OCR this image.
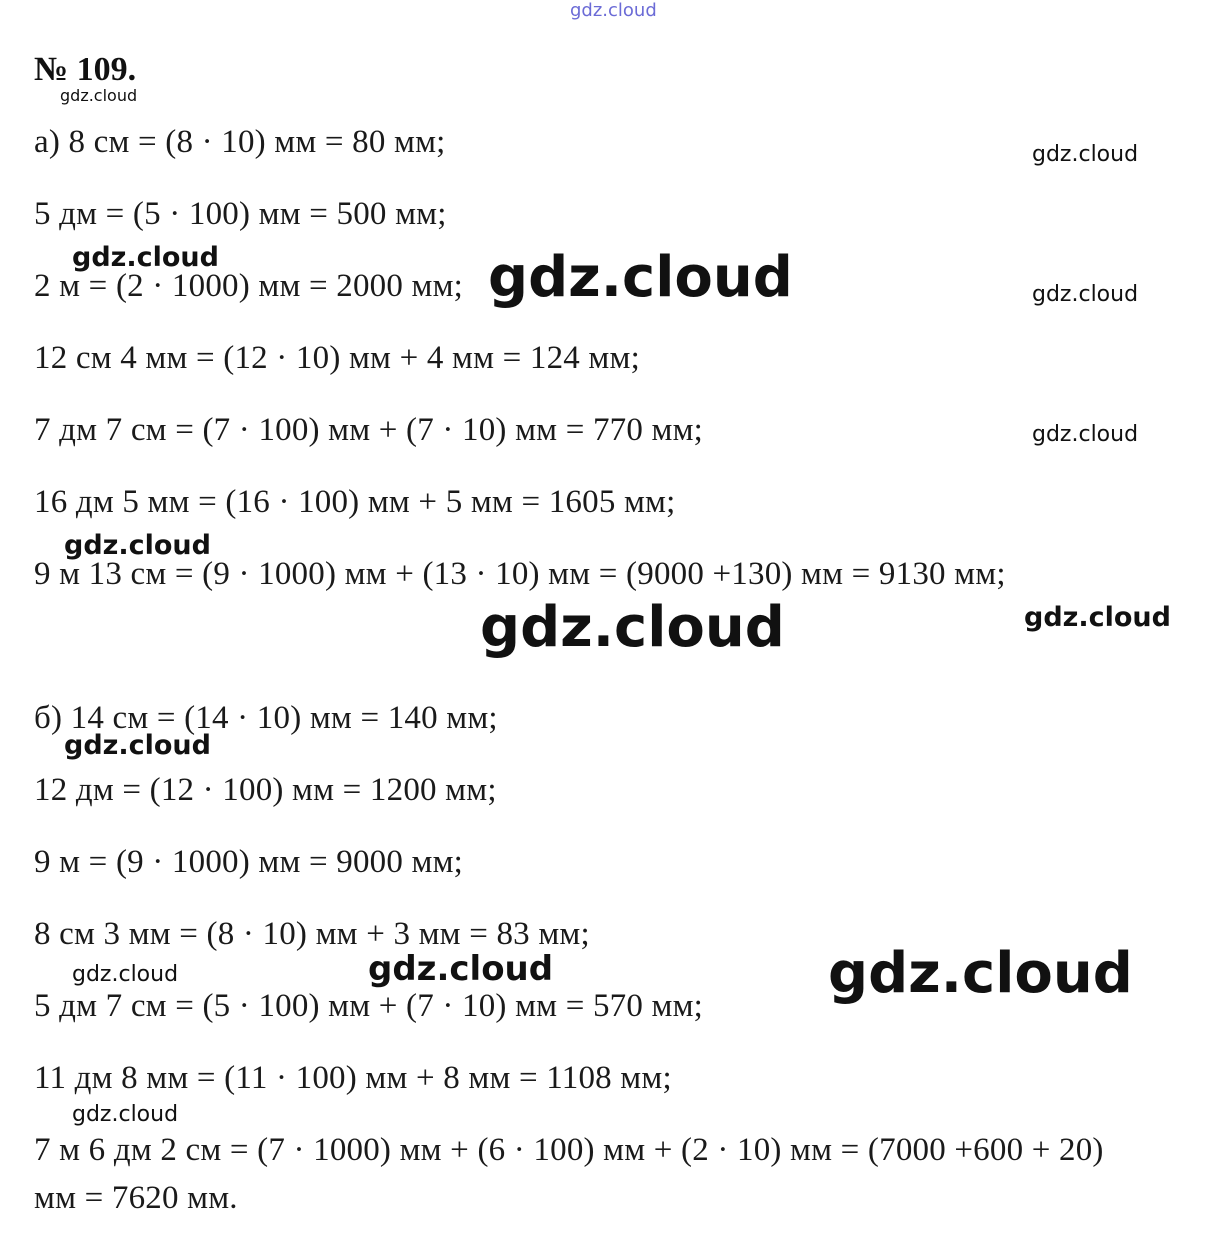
gdz.cloud
№ 109.
а) 8 см = (8 · 10) мм = 80 мм;
5 дм = (5 · 100) мм = 500 мм;
2 м = (2 · 1000) мм = 2000 мм;
12 см 4 мм = (12 · 10) мм + 4 мм = 124 мм;
7 дм 7 см = (7 · 100) мм + (7 · 10) мм = 770 мм;
16 дм 5 мм = (16 · 100) мм + 5 мм = 1605 мм;
9 м 13 см = (9 · 1000) мм + (13 · 10) мм = (9000 +130) мм = 9130 мм;
б) 14 см = (14 · 10) мм = 140 мм;
12 дм = (12 · 100) мм = 1200 мм;
9 м = (9 · 1000) мм = 9000 мм;
8 см 3 мм = (8 · 10) мм + 3 мм = 83 мм;
5 дм 7 см = (5 · 100) мм + (7 · 10) мм = 570 мм;
11 дм 8 мм = (11 · 100) мм + 8 мм = 1108 мм;
7 м 6 дм 2 см = (7 · 1000) мм + (6 · 100) мм + (2 · 10) мм = (7000 +600 + 20)
мм = 7620 мм.
gdz.cloud
gdz.cloud
gdz.cloud	gdz.cloud	gdz.cloud
gdz.cloud
gdz.cloud
gdz.cloud	gdz.cloud
gdz.cloud
gdz.cloud	gdz.cloud	gdz.cloud
gdz.cloud
